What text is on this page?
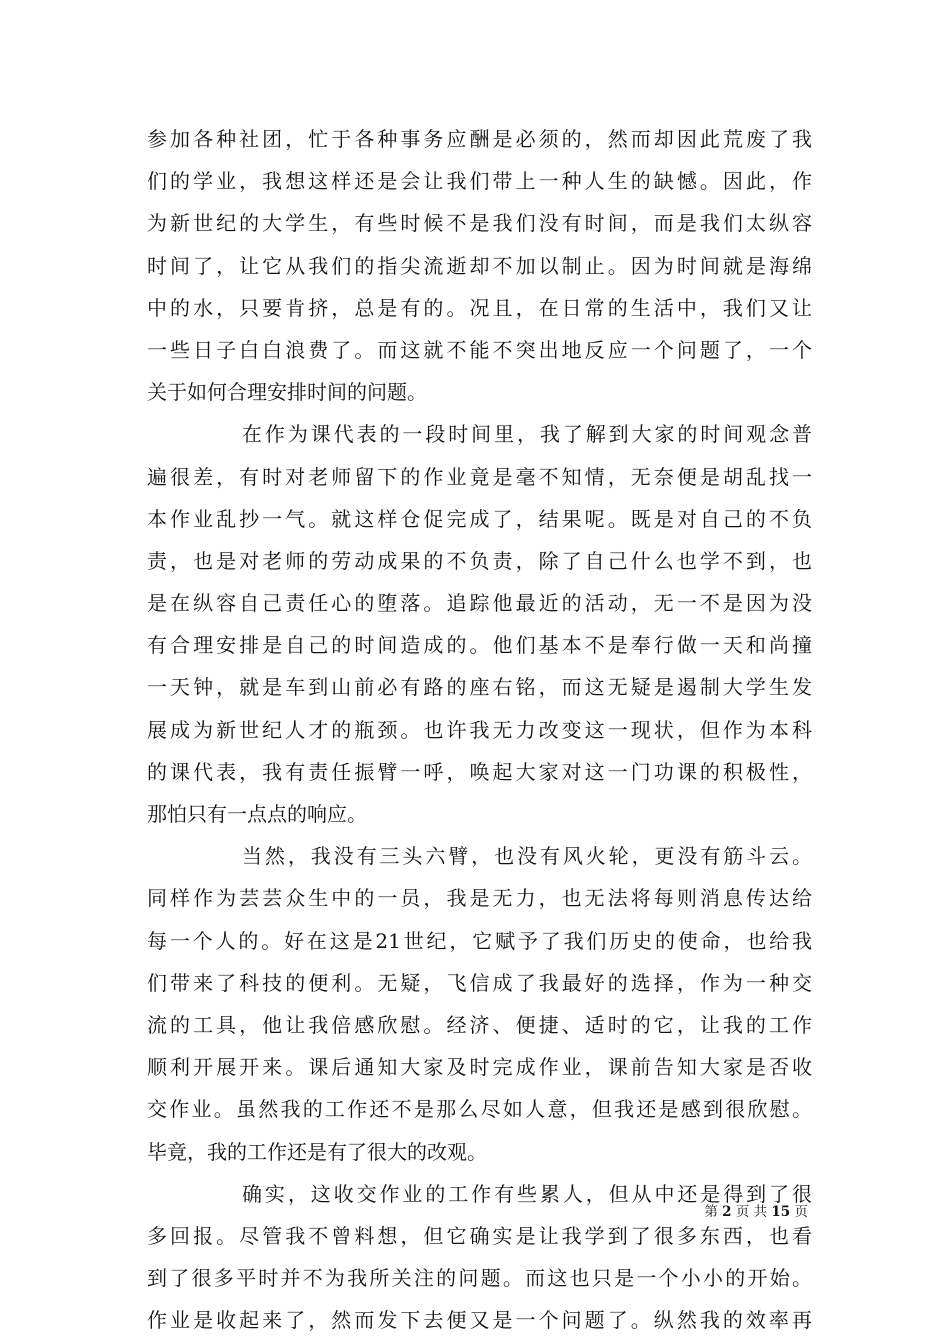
参加各种社团，忙于各种事务应酬是必须的，然而却因此荒废了我
们的学业，我想这样还是会让我们带上一种人生的缺憾。因此，作
为新世纪的大学生，有些时候不是我们没有时间，而是我们太纵容
时间了，让它从我们的指尖流逝却不加以制止。因为时间就是海绵
中的水，只要肯挤，总是有的。况且，在日常的生活中，我们又让
一些日子白白浪费了。而这就不能不突出地反应一个问题了，一个
关于如何合理安排时间的问题。
在作为课代表的一段时间里，我了解到大家的时间观念普
遍很差，有时对老师留下的作业竟是毫不知情，无奈便是胡乱找一
本作业乱抄一气。就这样仓促完成了，结果呢。既是对自己的不负
责，也是对老师的劳动成果的不负责，除了自己什么也学不到，也
是在纵容自己责任心的堕落。追踪他最近的活动，无一不是因为没
有合理安排是自己的时间造成的。他们基本不是奉行做一天和尚撞
一天钟，就是车到山前必有路的座右铭，而这无疑是遏制大学生发
展成为新世纪人才的瓶颈。也许我无力改变这一现状，但作为本科
的课代表，我有责任振臂一呼，唤起大家对这一门功课的积极性，
那怕只有一点点的响应。
当然，我没有三头六臂，也没有风火轮，更没有筋斗云。
同样作为芸芸众生中的一员，我是无力，也无法将每则消息传达给
每一个人的。好在这是21世纪，它赋予了我们历史的使命，也给我
们带来了科技的便利。无疑，飞信成了我最好的选择，作为一种交
流的工具，他让我倍感欣慰。经济、便捷、适时的它，让我的工作
顺利开展开来。课后通知大家及时完成作业，课前告知大家是否收
交作业。虽然我的工作还不是那么尽如人意，但我还是感到很欣慰。
毕竟，我的工作还是有了很大的改观。
确实，这收交作业的工作有些累人，但从中还是得到了很
多回报。尽管我不曾料想，但它确实是让我学到了很多东西，也看
到了很多平时并不为我所关注的问题。而这也只是一个小小的开始。
作业是收起来了，然而发下去便又是一个问题了。纵然我的效率再
第 2 页 共 15 页
